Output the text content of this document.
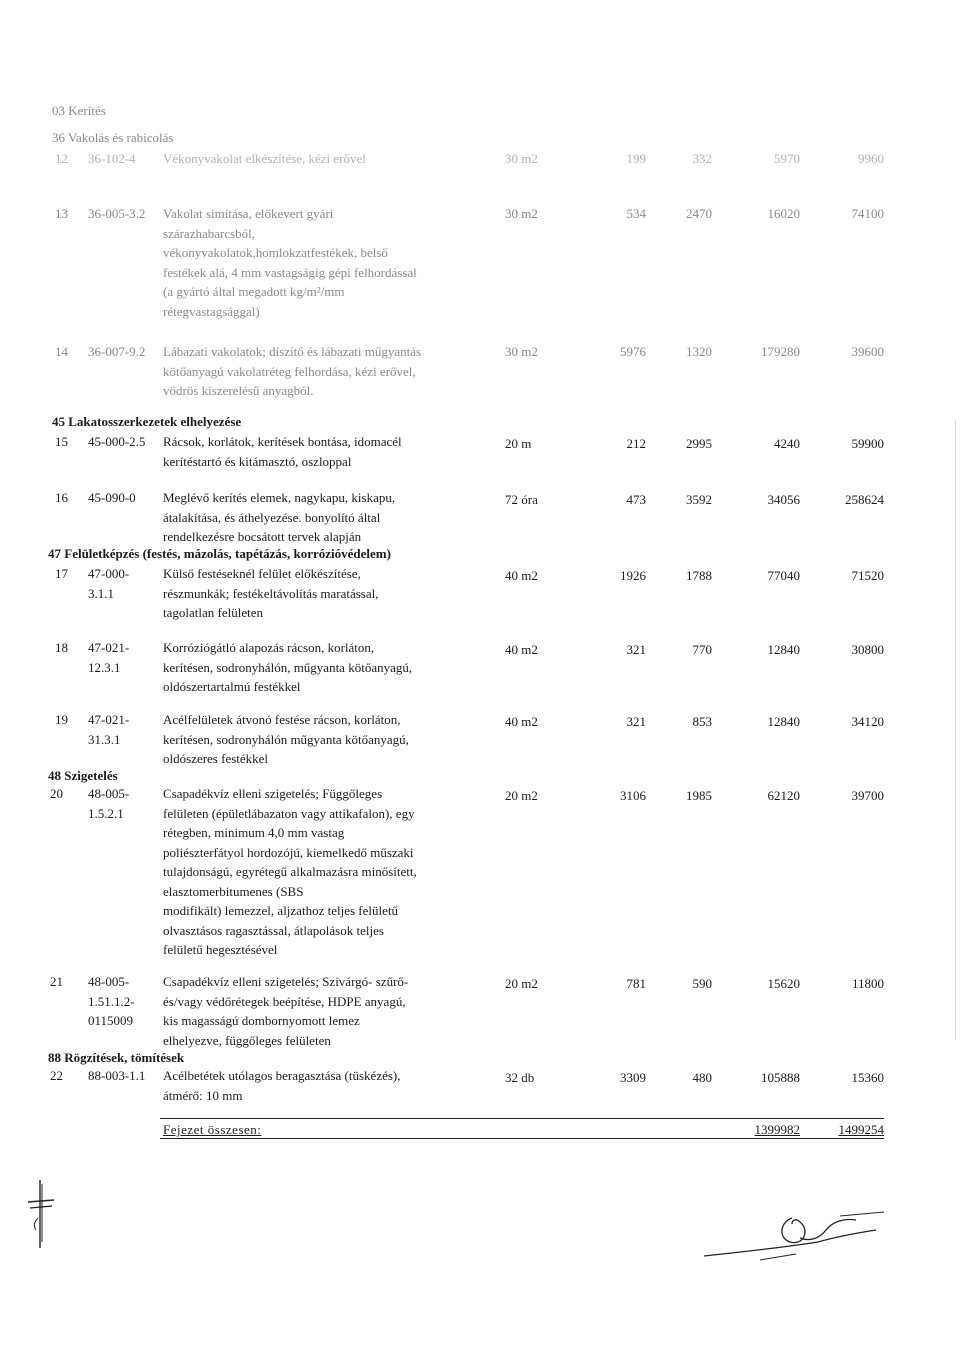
03 Kerítés
36 Vakolás és rabicolás
12 36-102-4 Vékonyvakolat elkészítése, kézi erővel	30 m2	199	332	5970	9960
13 36-005-3.2 Vakolat simítása, előkevert gyári
szárazhabarcsból,
vékonyvakolatok,homlokzatfestékek, belső
festékek alá, 4 mm vastagságig gépi felhordással
(a gyártó által megadott kg/m²/mm
rétegvastagsággal)
30 m2	534	2470	16020	74100
14 36-007-9.2 Lábazati vakolatok; díszítő és lábazati műgyantás
kötőanyagú vakolatréteg felhordása, kézi erővel,
vödrös kiszerelésű anyagból.
30 m2	5976	1320	179280	39600
45 Lakatosszerkezetek elhelyezése
15 45-000-2.5 Rácsok, korlátok, kerítések bontása, idomacél
kerítéstartó és kitámasztó, oszloppal
20 m	212	2995	4240	59900
16 45-090-0 Meglévő kerítés elemek, nagykapu, kiskapu,
átalakítása, és áthelyezése. bonyolító által
rendelkezésre bocsátott tervek alapján
72 óra	473	3592	34056	258624
47 Felületképzés (festés, mázolás, tapétázás, korrózióvédelem)
17 47-000-
3.1.1
Külső festéseknél felület előkészítése,
részmunkák; festékeltávolítás maratással,
tagolatlan felületen
40 m2	1926	1788	77040	71520
18 47-021-
12.3.1
Korróziógátló alapozás rácson, korláton,
kerítésen, sodronyhálón, műgyanta kötőanyagú,
oldószertartalmú festékkel
40 m2	321	770	12840	30800
19 47-021-
31.3.1
Acélfelületek átvonó festése rácson, korláton,
kerítésen, sodronyhálón műgyanta kötőanyagú,
oldószeres festékkel
40 m2	321	853	12840	34120
48 Szigetelés
20 48-005-
1.5.2.1
Csapadékvíz elleni szigetelés; Függőleges
felületen (épületlábazaton vagy attikafalon), egy
rétegben, minimum 4,0 mm vastag
poliészterfátyol hordozójú, kiemelkedő műszaki
tulajdonságú, egyrétegű alkalmazásra minősített,
elasztomerbitumenes (SBS
modifikált) lemezzel, aljzathoz teljes felületű
olvasztásos ragasztással, átlapolások teljes
felületű hegesztésével
20 m2	3106	1985	62120	39700
21 48-005-
1.51.1.2-
0115009
Csapadékvíz elleni szigetelés; Szivárgó- szűrő-
és/vagy védőrétegek beépítése, HDPE anyagú,
kis magasságú dombornyomott lemez
elhelyezve, függőleges felületen
20 m2	781	590	15620	11800
88 Rögzítések, tömítések
22 88-003-1.1 Acélbetétek utólagos beragasztása (tüskézés),
átmérő: 10 mm
32 db	3309	480	105888	15360
Fejezet összesen:	1399982	1499254
